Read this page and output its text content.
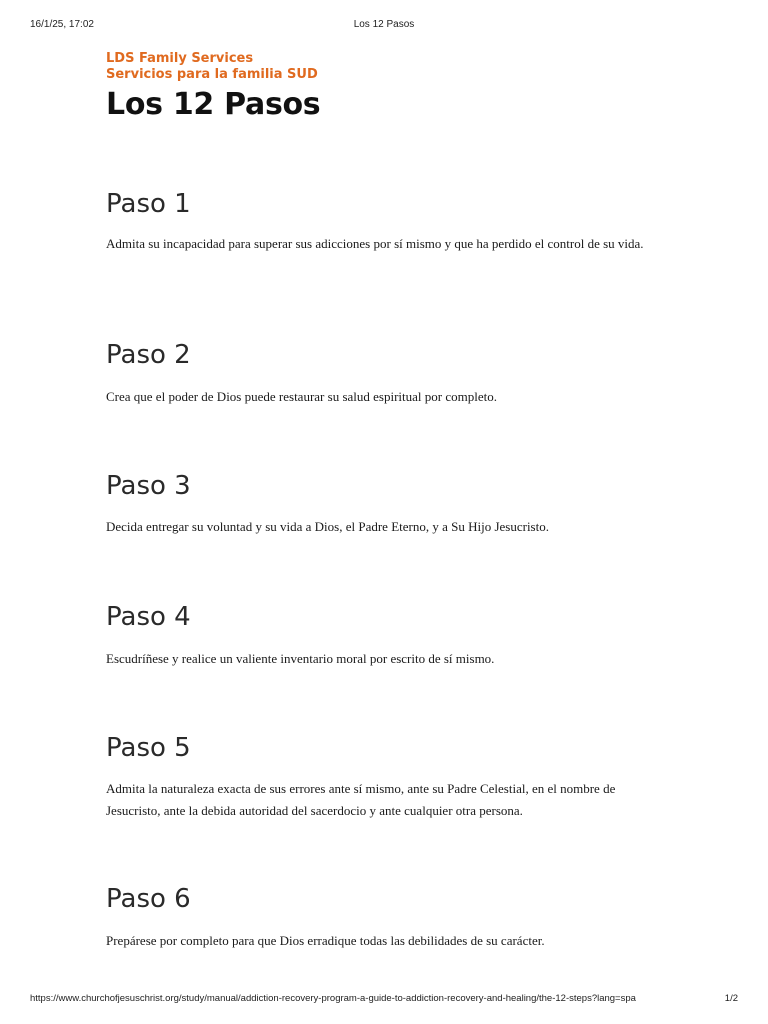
16/1/25, 17:02	Los 12 Pasos
LDS Family Services
Servicios para la familia SUD
Los 12 Pasos
Paso 1

Admita su incapacidad para superar sus adicciones por sí mismo y que ha perdido el control de su vida.

Paso 2

Crea que el poder de Dios puede restaurar su salud espiritual por completo.

Paso 3

Decida entregar su voluntad y su vida a Dios, el Padre Eterno, y a Su Hijo Jesucristo.

Paso 4

Escudríñese y realice un valiente inventario moral por escrito de sí mismo.

Paso 5

Admita la naturaleza exacta de sus errores ante sí mismo, ante su Padre Celestial, en el nombre de Jesucristo, ante la debida autoridad del sacerdocio y ante cualquier otra persona.

Paso 6

Prepárese por completo para que Dios erradique todas las debilidades de su carácter.

https://www.churchofjesuschrist.org/study/manual/addiction-recovery-program-a-guide-to-addiction-recovery-and-healing/the-12-steps?lang=spa	1/2
